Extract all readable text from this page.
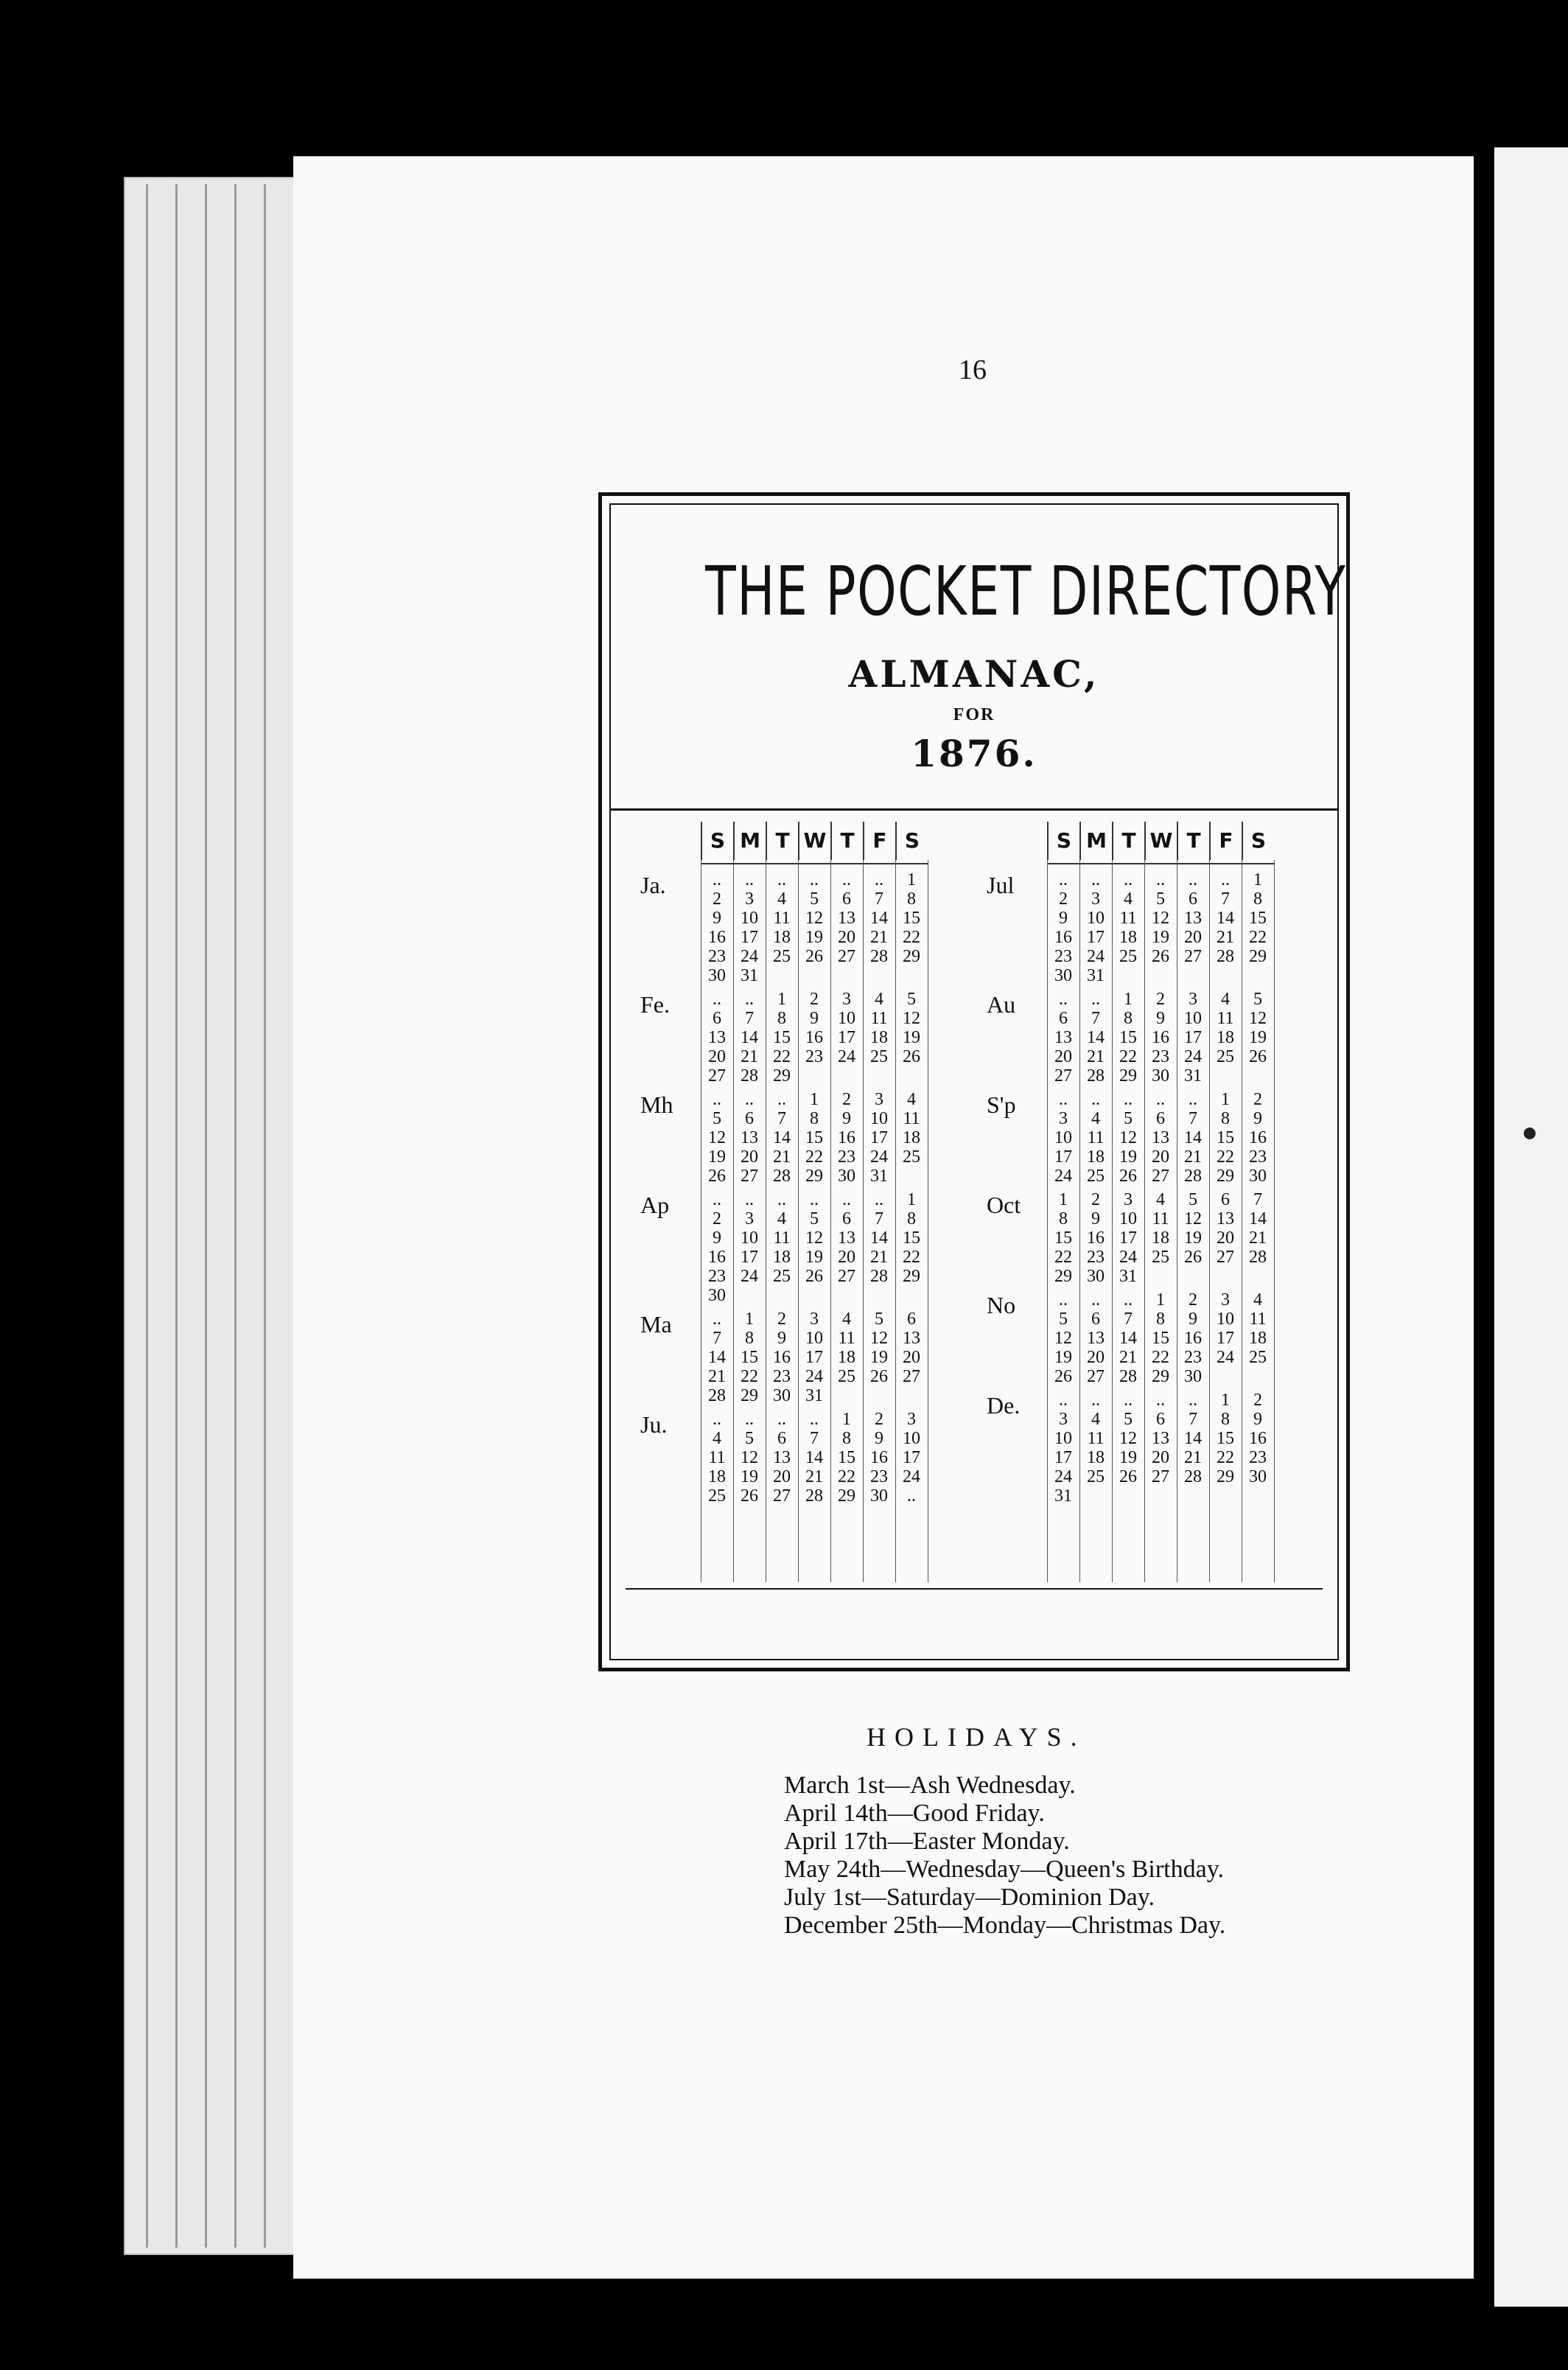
16
THE POCKET DIRECTORY
ALMANAC,
FOR
1876.
S M T W T F S
Ja.	..	..	..	..	..	..	1
2	3	4	5	6	7	8
9	10 11 12 13 14 15
16 17 18 19 20 21 22
23 24 25 26 27 28 29
30 31
Fe.	..	..	1	2	3	4	5
6	7	8	9	10 11 12
13 14 15 16 17 18 19
20 21 22 23 24 25 26
27 28 29
Mh	..	..	..	1	2	3	4
5	6	7	8	9	10 11
12 13 14 15 16 17 18
19 20 21 22 23 24 25
26 27 28 29 30 31
Ap	..	..	..	..	..	..	1
2	3	4	5	6	7	8
9	10 11 12 13 14 15
16 17 18 19 20 21 22
23 24 25 26 27 28 29
30
Ma	..	1	2	3	4	5	6
7	8	9	10 11 12 13
14 15 16 17 18 19 20
21 22 23 24 25 26 27
28 29 30 31
Ju.	..	..	..	..	1	2	3
4	5	6	7	8	9	10
11 12 13 14 15 16 17
18 19 20 21 22 23 24
25 26 27 28 29 30	..
S M T W T F S
Jul	..	..	..	..	..	..	1
2	3	4	5	6	7	8
9	10 11 12 13 14 15
16 17 18 19 20 21 22
23 24 25 26 27 28 29
30 31
Au	..	..	1	2	3	4	5
6	7	8	9	10 11 12
13 14 15 16 17 18 19
20 21 22 23 24 25 26
27 28 29 30 31
S'p	..	..	..	..	..	1	2
3	4	5	6	7	8	9
10 11 12 13 14 15 16
17 18 19 20 21 22 23
24 25 26 27 28 29 30
Oct	1	2	3	4	5	6	7
8	9	10 11 12 13 14
15 16 17 18 19 20 21
22 23 24 25 26 27 28
29 30 31
No	..	..	..	1	2	3	4
5	6	7	8	9	10 11
12 13 14 15 16 17 18
19 20 21 22 23 24 25
26 27 28 29 30
De.	..	..	..	..	..	1	2
3	4	5	6	7	8	9
10 11 12 13 14 15 16
17 18 19 20 21 22 23
24 25 26 27 28 29 30
31
HOLIDAYS.
March 1st—Ash Wednesday.
April 14th—Good Friday.
April 17th—Easter Monday.
May 24th—Wednesday—Queen's Birthday.
July 1st—Saturday—Dominion Day.
December 25th—Monday—Christmas Day.
